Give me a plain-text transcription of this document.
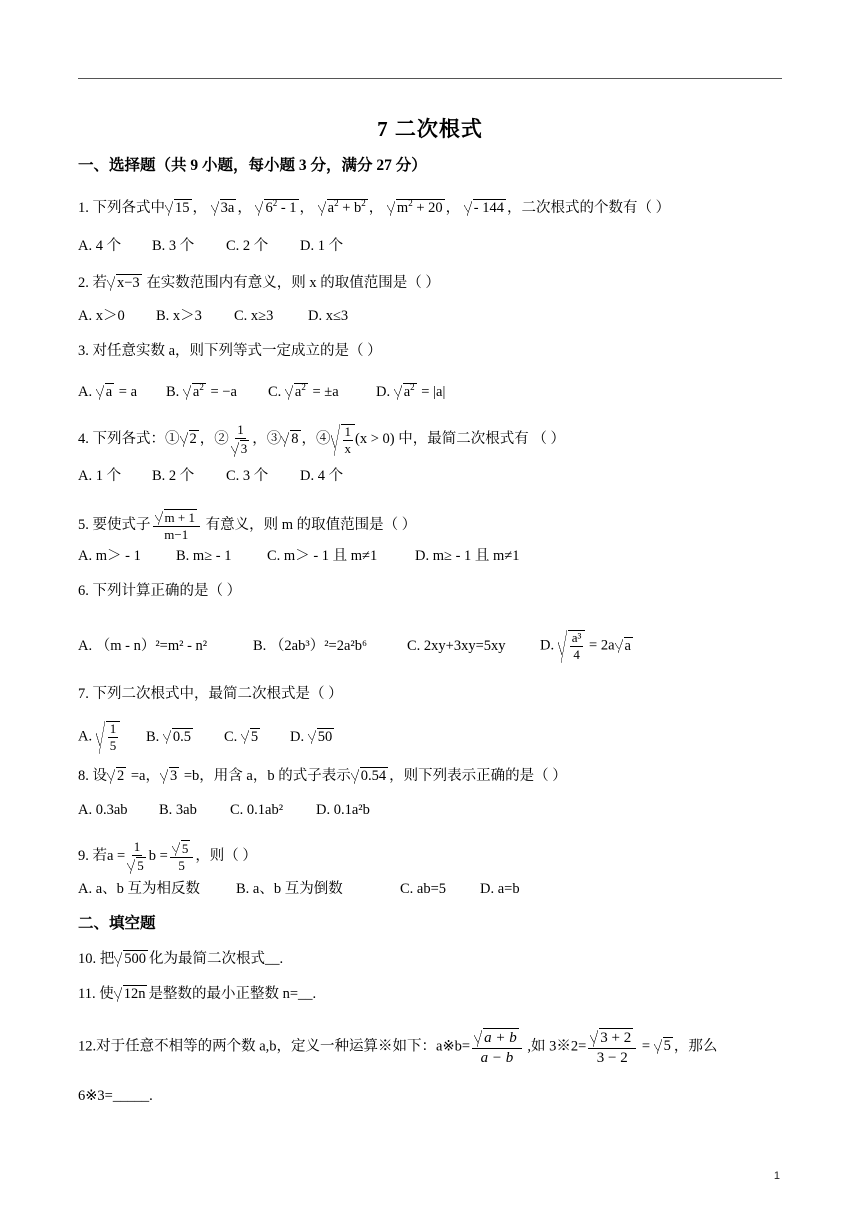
7 二次根式
一、选择题（共 9 小题，每小题 3 分，满分 27 分）
1. 下列各式中 15 ， 3a ， $6^2 - 1$ ， $a^2 + b^2$ ， $m^2 + 20$ ， - 144 ，二次根式的个数有（ ）
A. 4 个 B. 3 个 C. 2 个 D. 1 个
2. 若 x−3 在实数范围内有意义，则 x 的取值范围是（ ）
A. x＞0 B. x＞3 C. x≥3 D. x≤3
3. 对任意实数 a，则下列等式一定成立的是（ ）
A. a = a B. $a^2 = -a$ C. $a^2 = \pm a$	D. $a^2 = |a|$
4. 下列各式：① 2 ，② $\frac{1}{3}$ ，③ 8 ，④ $\frac{1}{x} (x > 0)$ 中，最简二次根式有 （ ）
A. 1 个 B. 2 个 C. 3 个 D. 4 个
5. 要使式子 $\frac{m + 1}{m-1}$ 有意义，则 m 的取值范围是（ ）
A. m＞ - 1 B. m≥ - 1 C. m＞ - 1 且 m≠1	D. m≥ - 1 且 m≠1
6. 下列计算正确的是（ ）
A. （m - n）²=m² - n²	B. （2ab³）²=2a²b⁶	C. 2xy+3xy=5xy D. $\frac{\text{a³}}{4} = 2a$ a
7. 下列二次根式中，最简二次根式是（ ）
A. $\frac{1}{5} B$. 0.5 C. 5 D. 50
8. 设 2 =a， 3 =b，用含 a，b 的式子表示 0.54 ，则下列表示正确的是（ ）
A. 0.3ab B. 3ab C. 0.1ab² D. 0.1a²b
9. 若$a = \frac{1}{5}$ $b = \frac{5}{5}$ ，则（ ）
A. a、b 互为相反数 B. a、b 互为倒数	C. ab=5 D. a=b
二、填空题
10. 把 500 化为最简二次根式__.
11. 使 12n 是整数的最小正整数 n=__.
12.对于任意不相等的两个数 a,b，定义一种运算※如下：a※b= $\frac{a + b}{a - b}$ ,如 3※2= $\frac{3 + 2}{3 - 2} = 5$ ，那么
6※3=_____.
1
